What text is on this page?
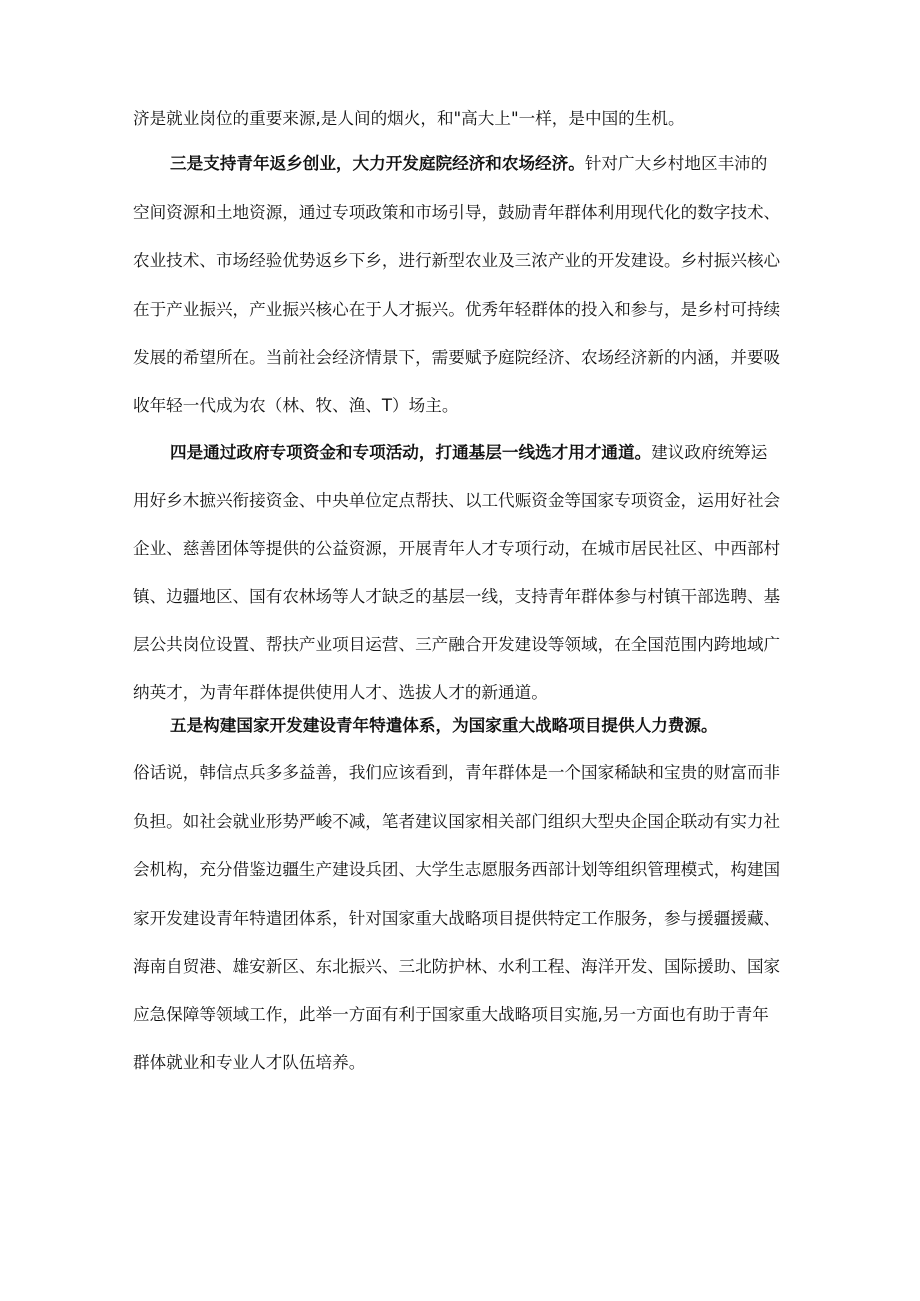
济是就业岗位的重要来源,是人间的烟火，和"高大上"一样，是中国的生机。
三是支持青年返乡创业，大力开发庭院经济和农场经济。针对广大乡村地区丰沛的
空间资源和土地资源，通过专项政策和市场引导，鼓励青年群体利用现代化的数字技术、
农业技术、市场经验优势返乡下乡，进行新型农业及三浓产业的开发建设。乡村振兴核心
在于产业振兴，产业振兴核心在于人才振兴。优秀年轻群体的投入和参与，是乡村可持续
发展的希望所在。当前社会经济情景下，需要赋予庭院经济、农场经济新的内涵，并要吸
收年轻一代成为农（林、牧、渔、T）场主。
四是通过政府专项资金和专项活动，打通基层一线选才用才通道。建议政府统筹运
用好乡木摭兴衔接资金、中央单位定点帮扶、以工代赈资金等国家专项资金，运用好社会
企业、慈善团体等提供的公益资源，开展青年人才专项行动，在城市居民社区、中西部村
镇、边疆地区、国有农林场等人才缺乏的基层一线，支持青年群体参与村镇干部选聘、基
层公共岗位设置、帮扶产业项目运营、三产融合开发建设等领域，在全国范围内跨地域广
纳英才，为青年群体提供使用人才、选拔人才的新通道。
五是构建国家开发建设青年特遣体系，为国家重大战略项目提供人力费源。
俗话说，韩信点兵多多益善，我们应该看到，青年群体是一个国家稀缺和宝贵的财富而非
负担。如社会就业形势严峻不减，笔者建议国家相关部门组织大型央企国企联动有实力社
会机构，充分借鉴边疆生产建设兵团、大学生志愿服务西部计划等组织管理模式，构建国
家开发建设青年特遣团体系，针对国家重大战略项目提供特定工作服务，参与援疆援藏、
海南自贸港、雄安新区、东北振兴、三北防护林、水利工程、海洋开发、国际援助、国家
应急保障等领域工作，此举一方面有利于国家重大战略项目实施,另一方面也有助于青年
群体就业和专业人才队伍培养。
